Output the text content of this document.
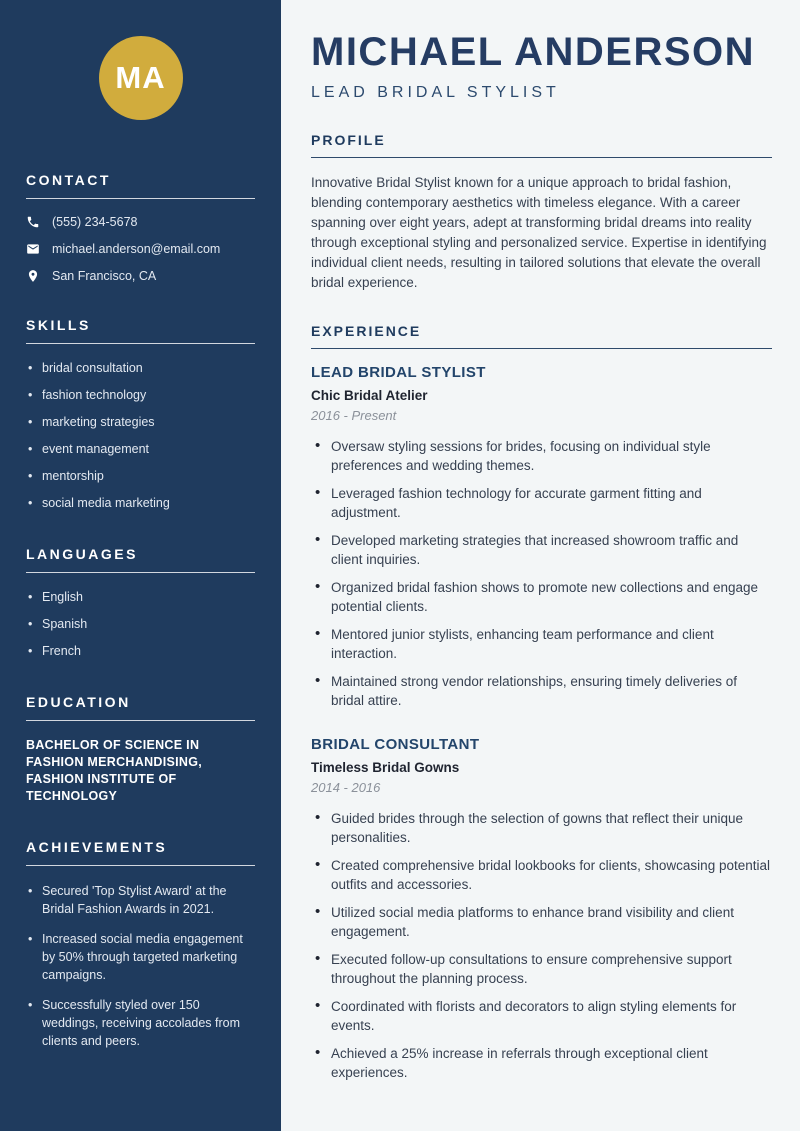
MA
CONTACT
(555) 234-5678
michael.anderson@email.com
San Francisco, CA
SKILLS
• bridal consultation
• fashion technology
• marketing strategies
• event management
• mentorship
• social media marketing
LANGUAGES
• English
• Spanish
• French
EDUCATION
BACHELOR OF SCIENCE IN FASHION MERCHANDISING, FASHION INSTITUTE OF TECHNOLOGY
ACHIEVEMENTS
• Secured 'Top Stylist Award' at the Bridal Fashion Awards in 2021.
• Increased social media engagement by 50% through targeted marketing campaigns.
• Successfully styled over 150 weddings, receiving accolades from clients and peers.
MICHAEL ANDERSON
LEAD BRIDAL STYLIST
PROFILE

Innovative Bridal Stylist known for a unique approach to bridal fashion, blending contemporary aesthetics with timeless elegance. With a career spanning over eight years, adept at transforming bridal dreams into reality through exceptional styling and personalized service. Expertise in identifying individual client needs, resulting in tailored solutions that elevate the overall bridal experience.

EXPERIENCE
LEAD BRIDAL STYLIST
Chic Bridal Atelier
2016 - Present
• Oversaw styling sessions for brides, focusing on individual style preferences and wedding themes.
• Leveraged fashion technology for accurate garment fitting and adjustment.
• Developed marketing strategies that increased showroom traffic and client inquiries.
• Organized bridal fashion shows to promote new collections and engage potential clients.
• Mentored junior stylists, enhancing team performance and client interaction.
• Maintained strong vendor relationships, ensuring timely deliveries of bridal attire.
BRIDAL CONSULTANT
Timeless Bridal Gowns
2014 - 2016
• Guided brides through the selection of gowns that reflect their unique personalities.
• Created comprehensive bridal lookbooks for clients, showcasing potential outfits and accessories.
• Utilized social media platforms to enhance brand visibility and client engagement.
• Executed follow-up consultations to ensure comprehensive support throughout the planning process.
• Coordinated with florists and decorators to align styling elements for events.
• Achieved a 25% increase in referrals through exceptional client experiences.
